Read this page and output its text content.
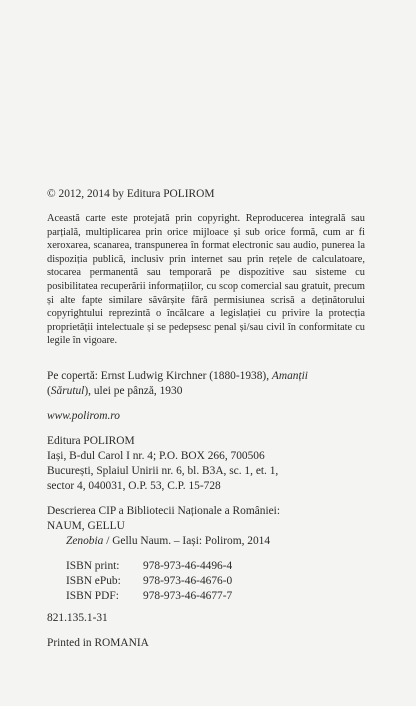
© 2012, 2014 by Editura POLIROM
Această carte este protejată prin copyright. Reproducerea integrală sau parțială, multiplicarea prin orice mijloace și sub orice formă, cum ar fi xeroxarea, scanarea, transpunerea în format electronic sau audio, punerea la dispoziția publică, inclusiv prin internet sau prin rețele de calculatoare, stocarea permanentă sau temporară pe dispozitive sau sisteme cu posibilitatea recuperării informațiilor, cu scop comercial sau gratuit, precum și alte fapte similare săvârșite fără permisiunea scrisă a deținătorului copyrightului reprezintă o încălcare a legislației cu privire la protecția proprietății intelectuale și se pedepsesc penal și/sau civil în conformitate cu legile în vigoare.
Pe copertă: Ernst Ludwig Kirchner (1880-1938), Amanții
(Sărutul), ulei pe pânză, 1930
www.polirom.ro
Editura POLIROM
Iași, B-dul Carol I nr. 4; P.O. BOX 266, 700506
București, Splaiul Unirii nr. 6, bl. B3A, sc. 1, et. 1,
sector 4, 040031, O.P. 53, C.P. 15-728
Descrierea CIP a Bibliotecii Naționale a României:
NAUM, GELLU
Zenobia / Gellu Naum. – Iași: Polirom, 2014
ISBN print: 978-973-46-4496-4
ISBN ePub: 978-973-46-4676-0
ISBN PDF: 978-973-46-4677-7
821.135.1-31
Printed in ROMANIA
